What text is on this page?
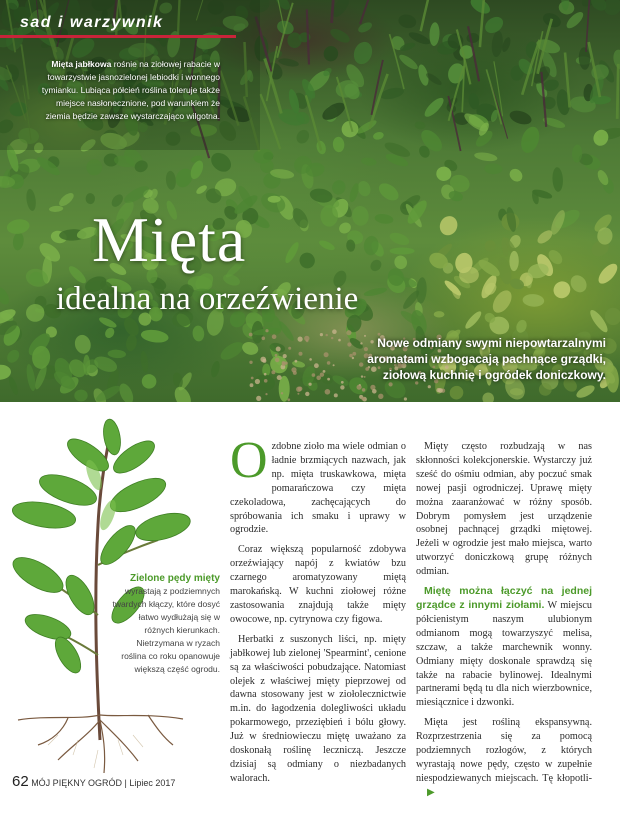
sad i warzywnik
Mięta jabłkowa rośnie na ziołowej rabacie w towarzystwie jasnozielonej lebiodki i wonnego tymianku. Lubiąca półcień roślina toleruje także miejsce nasłonecznione, pod warunkiem że ziemia będzie zawsze wystarczająco wilgotna.
Mięta
idealna na orzeźwienie
Nowe odmiany swymi niepowtarzalnymi aromatami wzbogacają pachnące grządki, ziołową kuchnię i ogródek doniczkowy.
Zielone pędy mięty wyrastają z podziemnych twardych kłączy, które dosyć łatwo wydłużają się w różnych kierunkach. Nietrzymana w ryzach roślina co roku opanowuje większą część ogrodu.

Ozdobne zioło ma wiele odmian o ładnie brzmiących nazwach, jak np. mięta truskawkowa, mięta pomarańczowa czy mięta czekoladowa, zachęcających do spróbowania ich smaku i uprawy w ogrodzie.

Coraz większą popularność zdobywa orzeźwiający napój z kwiatów bzu czarnego aromatyzowany miętą marokańską. W kuchni ziołowej różne zastosowania znajdują także mięty owocowe, np. cytrynowa czy figowa.

Herbatki z suszonych liści, np. mięty jabłkowej lub zielonej 'Spearmint', cenione są za właściwości pobudzające. Natomiast olejek z właściwej mięty pieprzowej od dawna stosowany jest w ziołolecznictwie m.in. do łagodzenia dolegliwości układu pokarmowego, przeziębień i bólu głowy. Już w średniowieczu miętę uważano za doskonałą roślinę leczniczą. Jeszcze dzisiaj są odmiany o niezbadanych walorach.

Mięty często rozbudzają w nas skłonności kolekcjonerskie. Wystarczy już sześć do ośmiu odmian, aby poczuć smak nowej pasji ogrodniczej. Uprawę mięty można zaaranżować w różny sposób. Dobrym pomysłem jest urządzenie osobnej pachnącej grządki miętowej. Jeżeli w ogrodzie jest mało miejsca, warto utworzyć doniczkową grupę różnych odmian.

Miętę można łączyć na jednej grządce z innymi ziołami. W miejscu półcienistym naszym ulubionym odmianom mogą towarzyszyć melisa, szczaw, a także marchewnik wonny. Odmiany mięty doskonale sprawdzą się także na rabacie bylinowej. Idealnymi partnerami będą tu dla nich wierzbownice, miesiącznice i dzwonki.

Mięta jest rośliną ekspansywną. Rozprzestrzenia się za pomocą podziemnych rozłogów, z których wyrastają nowe pędy, często w zupełnie niespodziewanych miejscach. Tę kłopotli-▶

62 MÓJ PIĘKNY OGRÓD | Lipiec 2017
